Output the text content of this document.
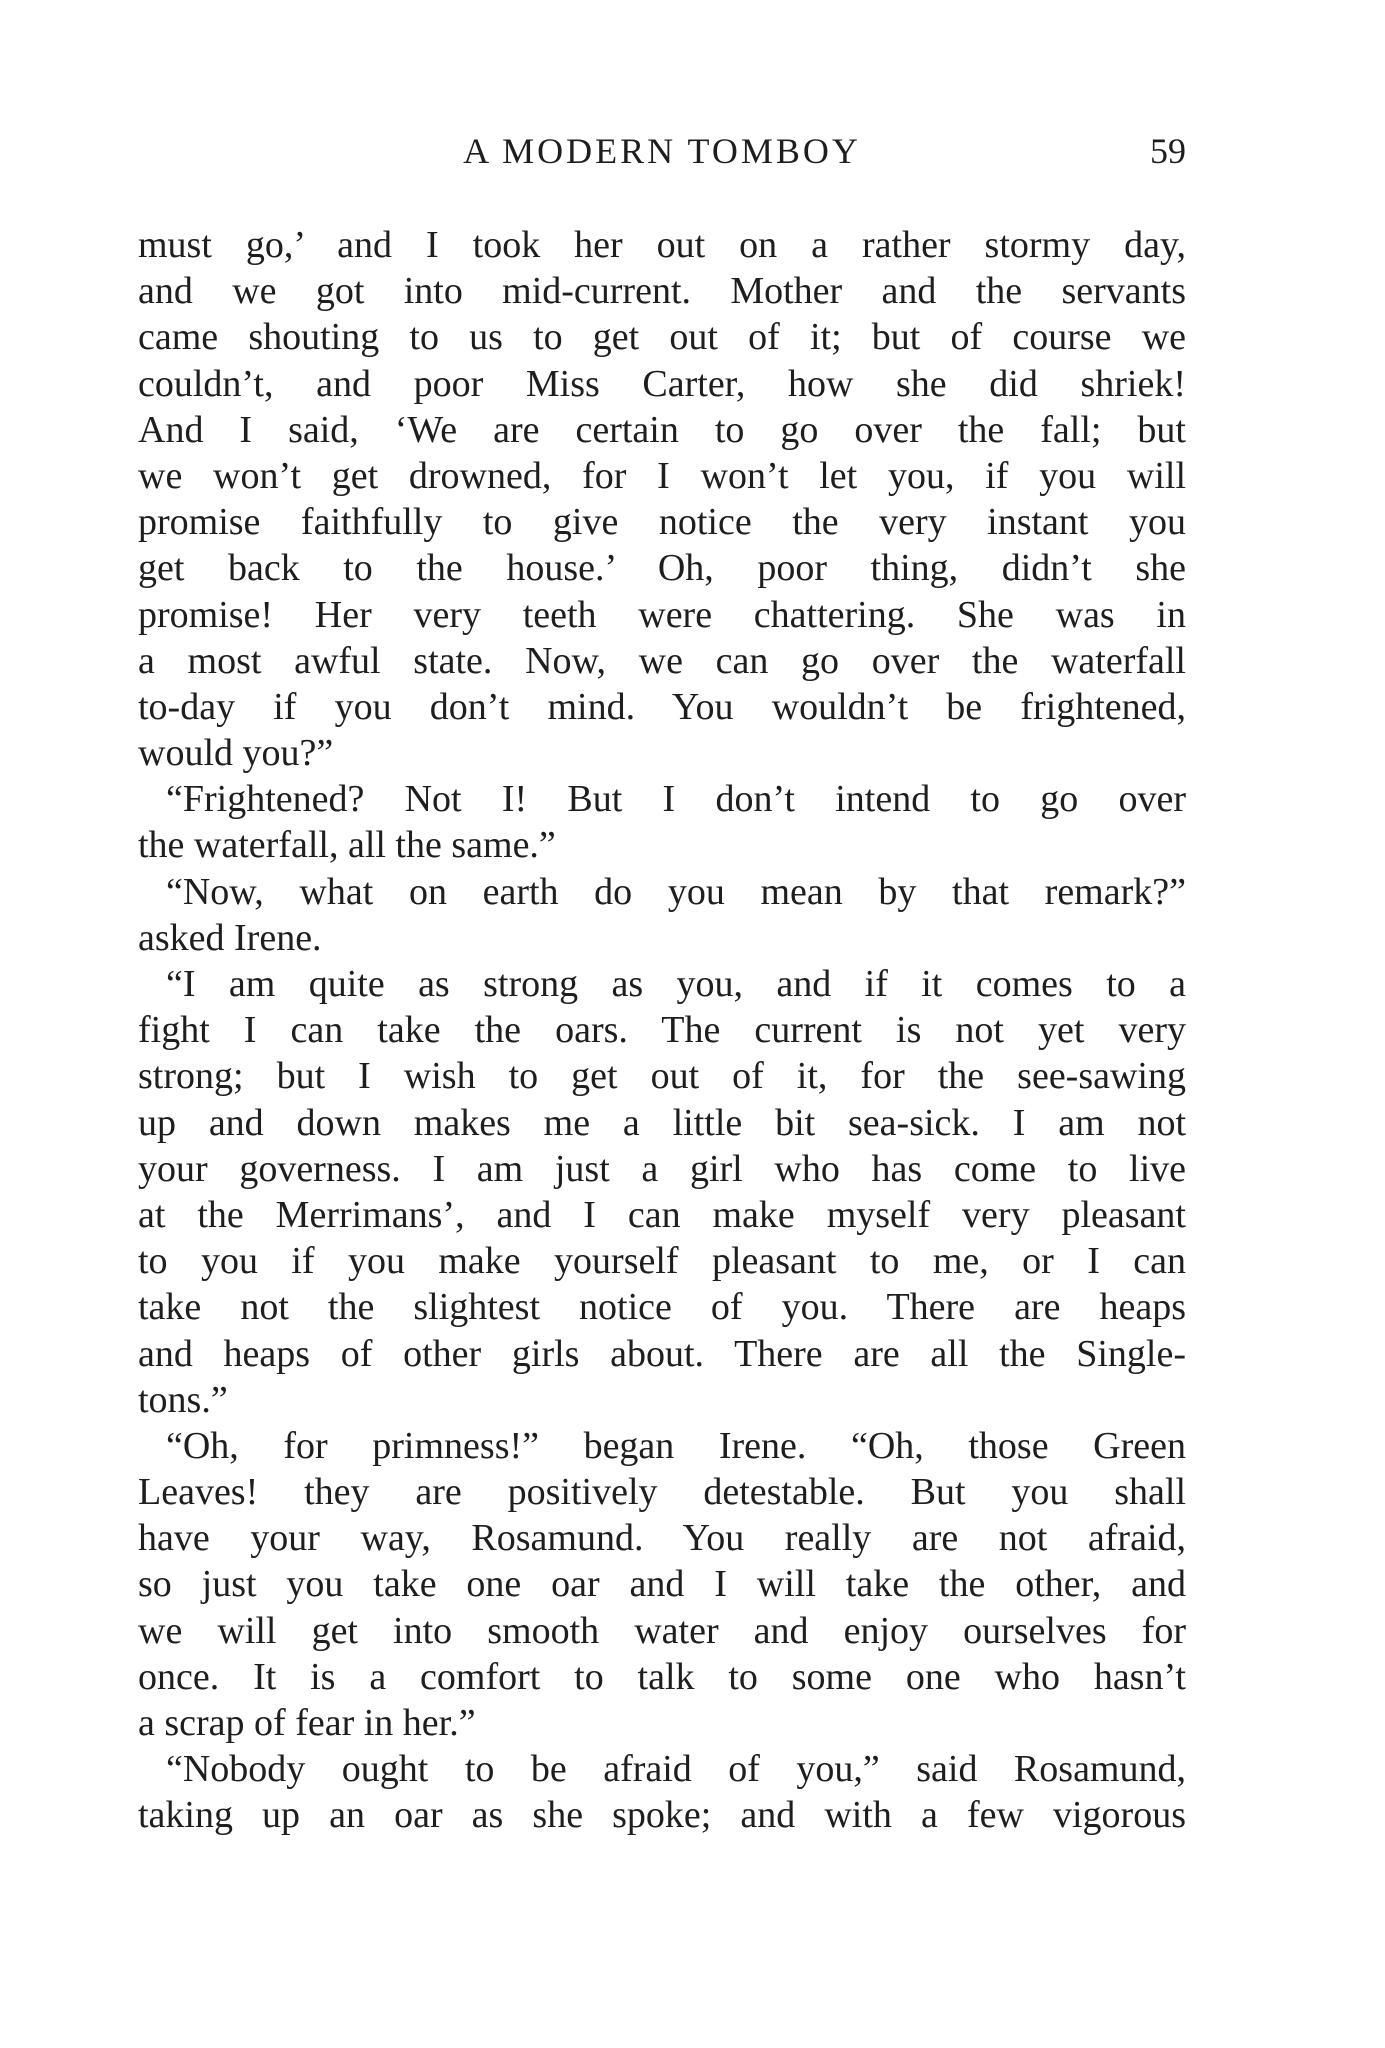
A MODERN TOMBOY	59
must go,’ and I took her out on a rather stormy day,
and we got into mid-current. Mother and the servants
came shouting to us to get out of it; but of course we
couldn’t, and poor Miss Carter, how she did shriek!
And I said, ‘We are certain to go over the fall; but
we won’t get drowned, for I won’t let you, if you will
promise faithfully to give notice the very instant you
get back to the house.’ Oh, poor thing, didn’t she
promise! Her very teeth were chattering. She was in
a most awful state. Now, we can go over the waterfall
to-day if you don’t mind. You wouldn’t be frightened,
would you?”
“Frightened? Not I! But I don’t intend to go over
the waterfall, all the same.”
“Now, what on earth do you mean by that remark?”
asked Irene.
“I am quite as strong as you, and if it comes to a
fight I can take the oars. The current is not yet very
strong; but I wish to get out of it, for the see-sawing
up and down makes me a little bit sea-sick. I am not
your governess. I am just a girl who has come to live
at the Merrimans’, and I can make myself very pleasant
to you if you make yourself pleasant to me, or I can
take not the slightest notice of you. There are heaps
and heaps of other girls about. There are all the Single-
tons.”
“Oh, for primness!” began Irene. “Oh, those Green
Leaves! they are positively detestable. But you shall
have your way, Rosamund. You really are not afraid,
so just you take one oar and I will take the other, and
we will get into smooth water and enjoy ourselves for
once. It is a comfort to talk to some one who hasn’t
a scrap of fear in her.”
“Nobody ought to be afraid of you,” said Rosamund,
taking up an oar as she spoke; and with a few vigorous
